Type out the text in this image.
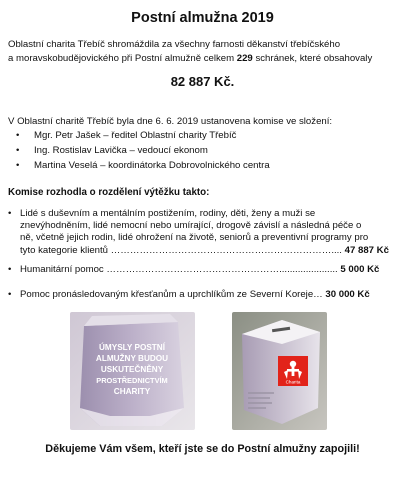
Postní almužna 2019
Oblastní charita Třebíč shromáždila za všechny farnosti děkanství třebíčského
a moravskobudějovického při Postní almužně celkem 229 schránek, které obsahovaly
82 887 Kč.
V Oblastní charitě Třebíč byla dne 6. 6. 2019 ustanovena komise ve složení:
• Mgr. Petr Jašek – ředitel Oblastní charity Třebíč
• Ing. Rostislav Lavička – vedoucí ekonom
• Martina Veselá – koordinátorka Dobrovolnického centra
Komise rozhodla o rozdělení výtěžku takto:
• Lidé s duševním a mentálním postižením, rodiny, děti, ženy a muži se
znevýhodněním, lidé nemocní nebo umírající, drogově závislí a následná péče o
ně, včetně jejich rodin, lidé ohrožení na životě, seniorů a preventivní programy pro
tyto kategorie klientů …………………………………………………………….... 47 887 Kč
• Humanitární pomoc ………………………………………………...................... 5 000 Kč
• Pomoc pronásledovaným křesťanům a uprchlíkům ze Severní Koreje… 30 000 Kč
ÚMYSLY POSTNÍ
ALMUŽNY BUDOU
USKUTEČNĚNY
PROSTŘEDNICTVÍM
CHARITY
Charita
Děkujeme Vám všem, kteří jste se do Postní almužny zapojili!
